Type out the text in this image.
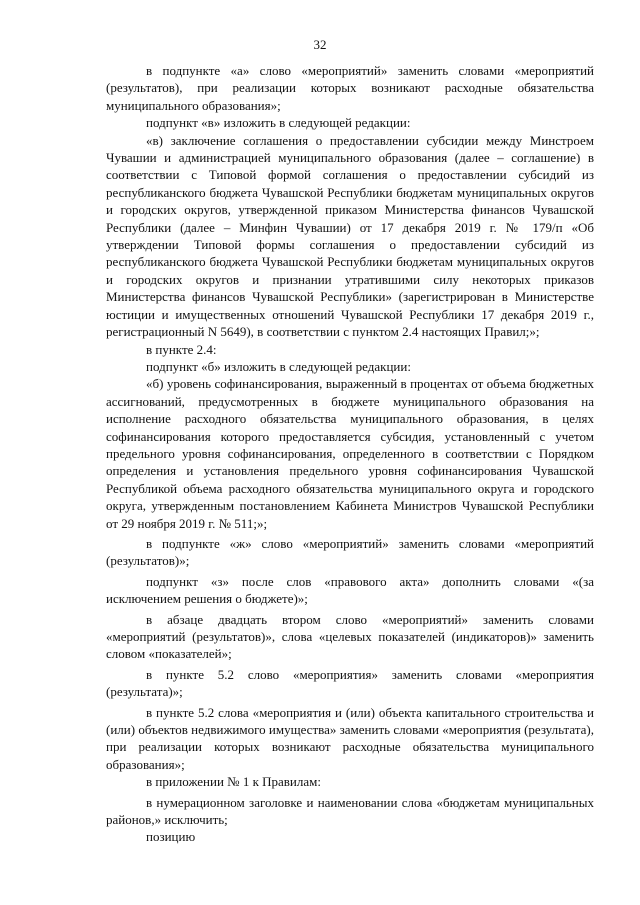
32

в подпункте «а» слово «мероприятий» заменить словами «мероприятий (результатов), при реализации которых возникают расходные обязательства муниципального образования»;

подпункт «в» изложить в следующей редакции:

«в) заключение соглашения о предоставлении субсидии между Минстроем Чувашии и администрацией муниципального образования (далее – соглашение) в соответствии с Типовой формой соглашения о предоставлении субсидий из республиканского бюджета Чувашской Республики бюджетам муниципальных округов и городских округов, утвержденной приказом Министерства финансов Чувашской Республики (далее – Минфин Чувашии) от 17 декабря 2019 г. № 179/п «Об утверждении Типовой формы соглашения о предоставлении субсидий из республиканского бюджета Чувашской Республики бюджетам муниципальных округов и городских округов и признании утратившими силу некоторых приказов Министерства финансов Чувашской Республики» (зарегистрирован в Министерстве юстиции и имущественных отношений Чувашской Республики 17 декабря 2019 г., регистрационный N 5649), в соответствии с пунктом 2.4 настоящих Правил;»;

в пункте 2.4:

подпункт «б» изложить в следующей редакции:

«б) уровень софинансирования, выраженный в процентах от объема бюджетных ассигнований, предусмотренных в бюджете муниципального образования на исполнение расходного обязательства муниципального образования, в целях софинансирования которого предоставляется субсидия, установленный с учетом предельного уровня софинансирования, определенного в соответствии с Порядком определения и установления предельного уровня софинансирования Чувашской Республикой объема расходного обязательства муниципального округа и городского округа, утвержденным постановлением Кабинета Министров Чувашской Республики от 29 ноября 2019 г. № 511;»;

в подпункте «ж» слово «мероприятий» заменить словами «мероприятий (результатов)»;

подпункт «з» после слов «правового акта» дополнить словами «(за исключением решения о бюджете)»;

в абзаце двадцать втором слово «мероприятий» заменить словами «мероприятий (результатов)», слова «целевых показателей (индикаторов)» заменить словом «показателей»;

в пункте 5.2 слово «мероприятия» заменить словами «мероприятия (результата)»;

в пункте 5.2 слова «мероприятия и (или) объекта капитального строительства и (или) объектов недвижимого имущества» заменить словами «мероприятия (результата), при реализации которых возникают расходные обязательства муниципального образования»;

в приложении № 1 к Правилам:

в нумерационном заголовке и наименовании слова «бюджетам муниципальных районов,» исключить;

позицию
